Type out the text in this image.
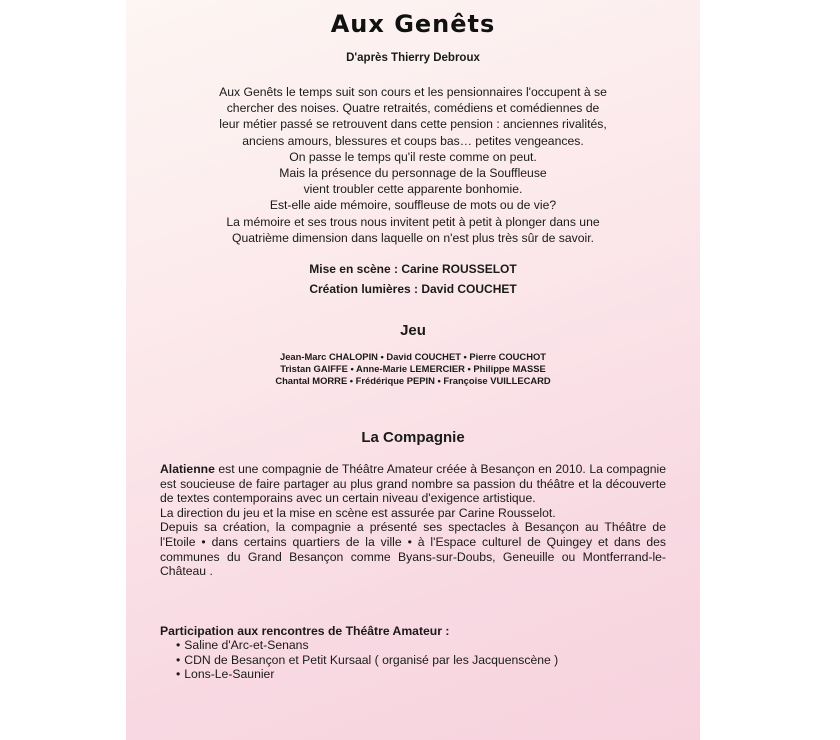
Aux Genêts
D'après Thierry Debroux
Aux Genêts le temps suit son cours et les pensionnaires l'occupent à se
chercher des noises. Quatre retraités, comédiens et comédiennes de
leur métier passé se retrouvent dans cette pension : anciennes rivalités,
anciens amours, blessures et coups bas… petites vengeances.
On passe le temps qu'il reste comme on peut.
Mais la présence du personnage de la Souffleuse
vient troubler cette apparente bonhomie.
Est-elle aide mémoire, souffleuse de mots ou de vie?
La mémoire et ses trous nous invitent petit à petit à plonger dans une
Quatrième dimension dans laquelle on n'est plus très sûr de savoir.
Mise en scène : Carine ROUSSELOT
Création lumières : David COUCHET
Jeu
Jean-Marc CHALOPIN • David COUCHET • Pierre COUCHOT
Tristan GAIFFE • Anne-Marie LEMERCIER • Philippe MASSE
Chantal MORRE • Frédérique PEPIN • Françoise VUILLECARD
La Compagnie

Alatienne est une compagnie de Théâtre Amateur créée à Besançon en 2010. La compagnie est soucieuse de faire partager au plus grand nombre sa passion du théâtre et la découverte de textes contemporains avec un certain niveau d'exigence artistique.

La direction du jeu et la mise en scène est assurée par Carine Rousselot.

Depuis sa création, la compagnie a présenté ses spectacles à Besançon au Théâtre de l'Etoile • dans certains quartiers de la ville • à l'Espace culturel de Quingey et dans des communes du Grand Besançon comme Byans-sur-Doubs, Geneuille ou Montferrand-le-Château .

Participation aux rencontres de Théâtre Amateur :
• Saline d'Arc-et-Senans
• CDN de Besançon et Petit Kursaal ( organisé par les Jacquenscène )
• Lons-Le-Saunier
